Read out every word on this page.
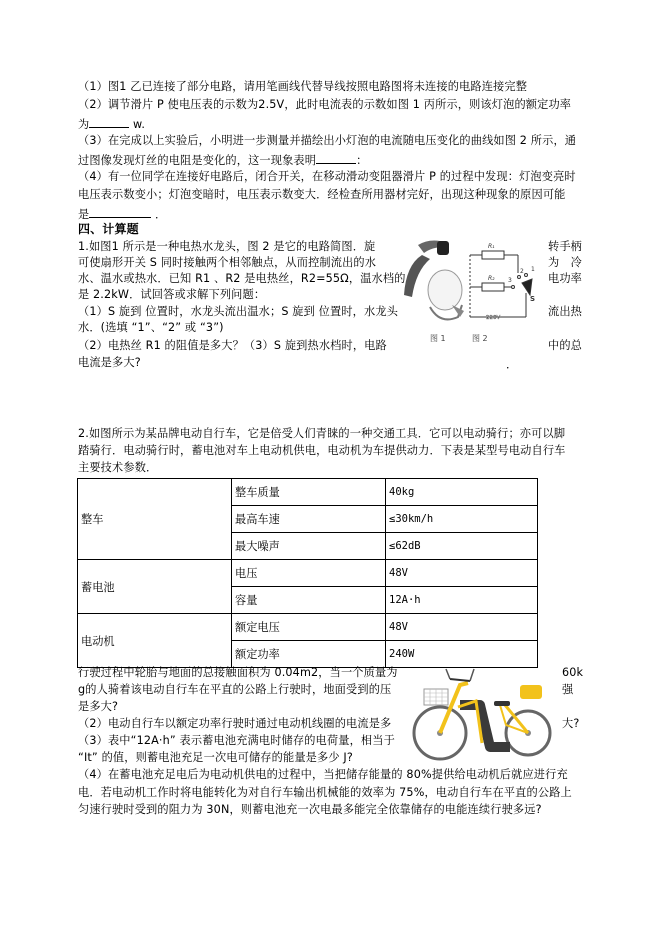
（1）图1 乙已连接了部分电路，请用笔画线代替导线按照电路图将未连接的电路连接完整
（2）调节滑片 P 使电压表的示数为2.5V，此时电流表的示数如图 1 丙所示，则该灯泡的额定功率
为	w.
（3）在完成以上实验后，小明进一步测量并描绘出小灯泡的电流随电压变化的曲线如图 2 所示，通
过图像发现灯丝的电阻是变化的，这一现象表明	：
（4）有一位同学在连接好电路后，闭合开关，在移动滑动变阻器滑片 P 的过程中发现：灯泡变亮时
电压表示数变小；灯泡变暗时，电压表示数变大．经检查所用器材完好，出现这种现象的原因可能
是	．
四、计算题
1.如图1 所示是一种电热水龙头，图 2 是它的电路简图．旋
可使扇形开关 S 同时接触两个相邻触点，从而控制流出的水
水、温水或热水．已知 R1 、R2 是电热丝，R2=55Ω，温水档的
是 2.2kW．试回答或求解下列问题：
（1）S 旋到 位置时，水龙头流出温水；S 旋到 位置时，水龙头
水．(选填 “1”、“2” 或 “3”)
（2）电热丝 R1 的阻值是多大？（3）S 旋到热水档时，电路
电流是多大?
转手柄
为　冷
电功率
流出热
中的总
．
R₁
R₂ 3
2 1
S
220V
图 1	图 2
2.如图所示为某品牌电动自行车，它是倍受人们青睐的一种交通工具．它可以电动骑行；亦可以脚
踏骑行．电动骑行时，蓄电池对车上电动机供电，电动机为车提供动力．下表是某型号电动自行车
主要技术参数．
整车	整车质量	40kg
	最高车速	≤30km/h
	最大噪声	≤62dB
蓄电池	电压	48V
	容量	12A·h
电动机	额定电压	48V
	额定功率	240W
行驶过程中轮胎与地面的总接触面积为 0.04m2，当一个质量为
g的人骑着该电动自行车在平直的公路上行驶时，地面受到的压
是多大?
（2）电动自行车以额定功率行驶时通过电动机线圈的电流是多
（3）表中“12A·h” 表示蓄电池充满电时储存的电荷量，相当于
“It” 的值，则蓄电池充足一次电可储存的能量是多少 J?
60k
强
大?
（4）在蓄电池充足电后为电动机供电的过程中，当把储存能量的 80%提供给电动机后就应进行充
电．若电动机工作时将电能转化为对自行车输出机械能的效率为 75%，电动自行车在平直的公路上
匀速行驶时受到的阻力为 30N，则蓄电池充一次电最多能完全依靠储存的电能连续行驶多远?
